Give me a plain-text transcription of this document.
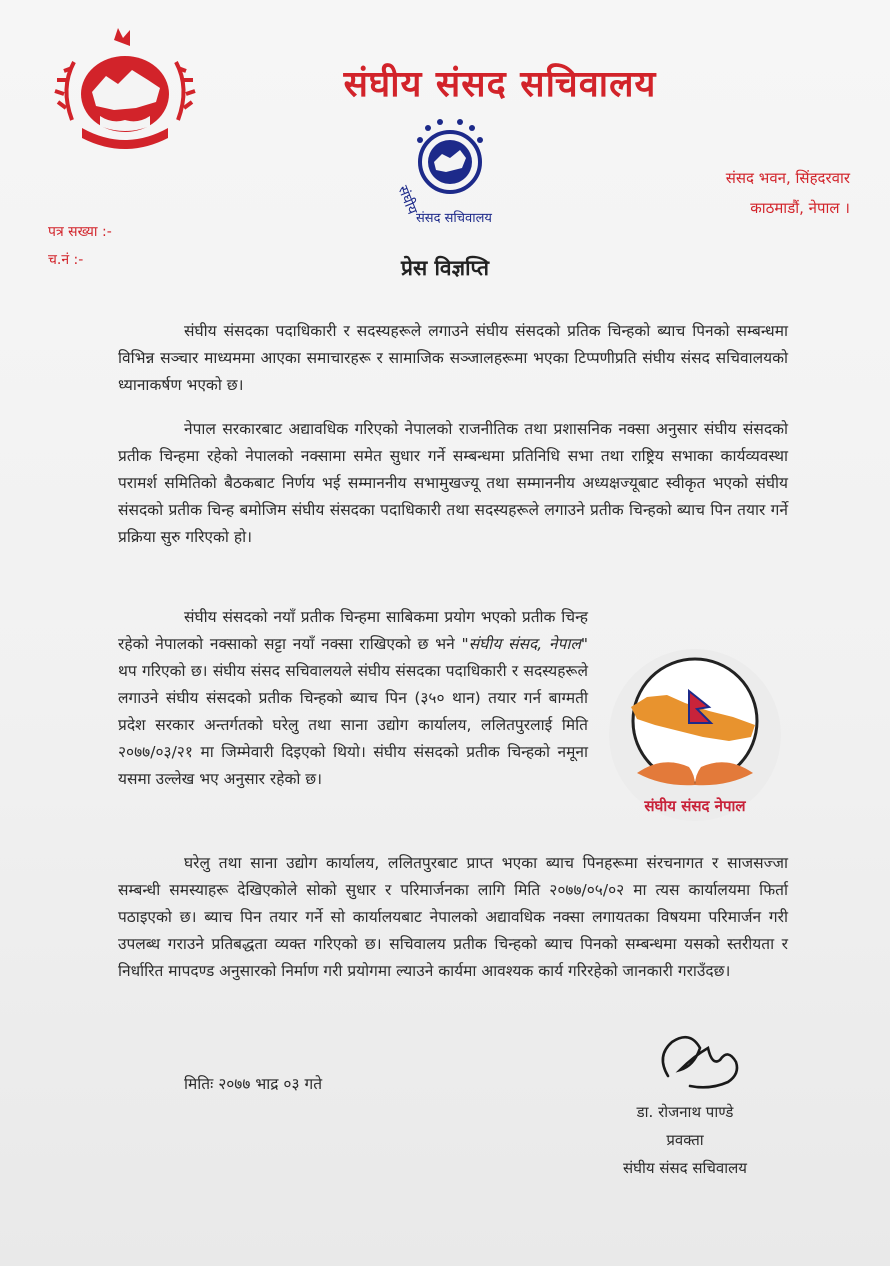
संघीय संसद सचिवालय
संघीय
संसद सचिवालय
संसद भवन, सिंहदरवार
काठमाडौं, नेपाल ।
पत्र सख्या :-
च.नं :-	प्रेस विज्ञप्ति
संघीय संसदका पदाधिकारी र सदस्यहरूले लगाउने संघीय संसदको प्रतिक चिन्हको ब्याच पिनको सम्बन्धमा विभिन्न सञ्चार माध्यममा आएका समाचारहरू र सामाजिक सञ्जालहरूमा भएका टिप्पणीप्रति संघीय संसद सचिवालयको ध्यानाकर्षण भएको छ।
नेपाल सरकारबाट अद्यावधिक गरिएको नेपालको राजनीतिक तथा प्रशासनिक नक्सा अनुसार संघीय संसदको प्रतीक चिन्हमा रहेको नेपालको नक्सामा समेत सुधार गर्ने सम्बन्धमा प्रतिनिधि सभा तथा राष्ट्रिय सभाका कार्यव्यवस्था परामर्श समितिको बैठकबाट निर्णय भई सम्माननीय सभामुखज्यू तथा सम्माननीय अध्यक्षज्यूबाट स्वीकृत भएको संघीय संसदको प्रतीक चिन्ह बमोजिम संघीय संसदका पदाधिकारी तथा सदस्यहरूले लगाउने प्रतीक चिन्हको ब्याच पिन तयार गर्ने प्रक्रिया सुरु गरिएको हो।
संघीय संसदको नयाँ प्रतीक चिन्हमा साबिकमा प्रयोग भएको प्रतीक चिन्ह रहेको नेपालको नक्साको सट्टा नयाँ नक्सा राखिएको छ भने "संघीय संसद, नेपाल" थप गरिएको छ। संघीय संसद सचिवालयले संघीय संसदका पदाधिकारी र सदस्यहरूले लगाउने संघीय संसदको प्रतीक चिन्हको ब्याच पिन (३५० थान) तयार गर्न बाग्मती प्रदेश सरकार अन्तर्गतको घरेलु तथा साना उद्योग कार्यालय, ललितपुरलाई मिति २०७७/०३/२१ मा जिम्मेवारी दिइएको थियो। संघीय संसदको प्रतीक चिन्हको नमूना यसमा उल्लेख भए अनुसार रहेको छ।
संघीय संसद नेपाल
घरेलु तथा साना उद्योग कार्यालय, ललितपुरबाट प्राप्त भएका ब्याच पिनहरूमा संरचनागत र साजसज्जा सम्बन्धी समस्याहरू देखिएकोले सोको सुधार र परिमार्जनका लागि मिति २०७७/०५/०२ मा त्यस कार्यालयमा फिर्ता पठाइएको छ। ब्याच पिन तयार गर्ने सो कार्यालयबाट नेपालको अद्यावधिक नक्सा लगायतका विषयमा परिमार्जन गरी उपलब्ध गराउने प्रतिबद्धता व्यक्त गरिएको छ। सचिवालय प्रतीक चिन्हको ब्याच पिनको सम्बन्धमा यसको स्तरीयता र निर्धारित मापदण्ड अनुसारको निर्माण गरी प्रयोगमा ल्याउने कार्यमा आवश्यक कार्य गरिरहेको जानकारी गराउँदछ।
मितिः २०७७ भाद्र ०३ गते
डा. रोजनाथ पाण्डे
प्रवक्ता
संघीय संसद सचिवालय
